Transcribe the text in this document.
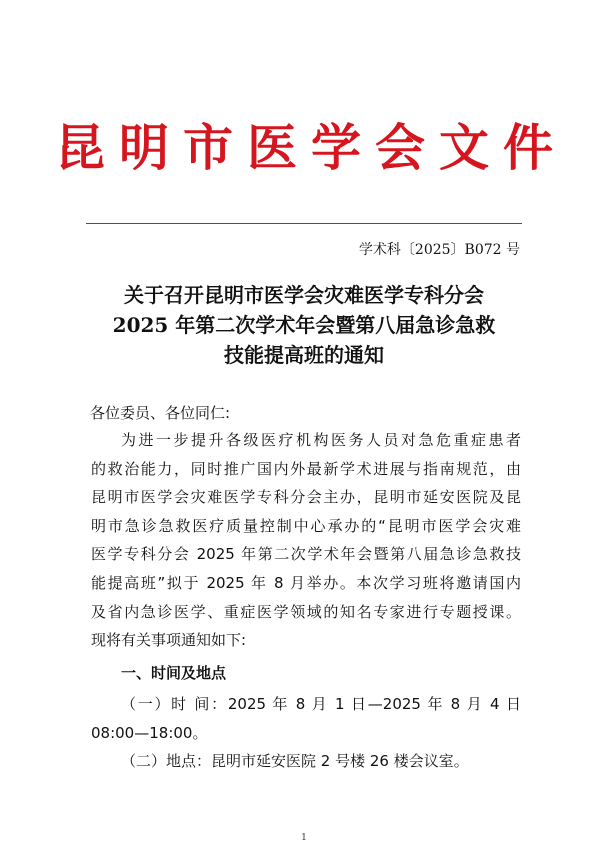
昆明市医学会文件
学术科〔2025〕B072 号
关于召开昆明市医学会灾难医学专科分会
2025 年第二次学术年会暨第八届急诊急救
技能提高班的通知
各位委员、各位同仁:
为进一步提升各级医疗机构医务人员对急危重症患者
的救治能力，同时推广国内外最新学术进展与指南规范，由
昆明市医学会灾难医学专科分会主办，昆明市延安医院及昆
明市急诊急救医疗质量控制中心承办的“昆明市医学会灾难
医学专科分会 2025 年第二次学术年会暨第八届急诊急救技
能提高班”拟于 2025 年 8 月举办。本次学习班将邀请国内
及省内急诊医学、重症医学领域的知名专家进行专题授课。
现将有关事项通知如下:
一、时间及地点
（一）时 间：2025 年 8 月 1 日—2025 年 8 月 4 日
08:00—18:00。
（二）地点：昆明市延安医院 2 号楼 26 楼会议室。
1
